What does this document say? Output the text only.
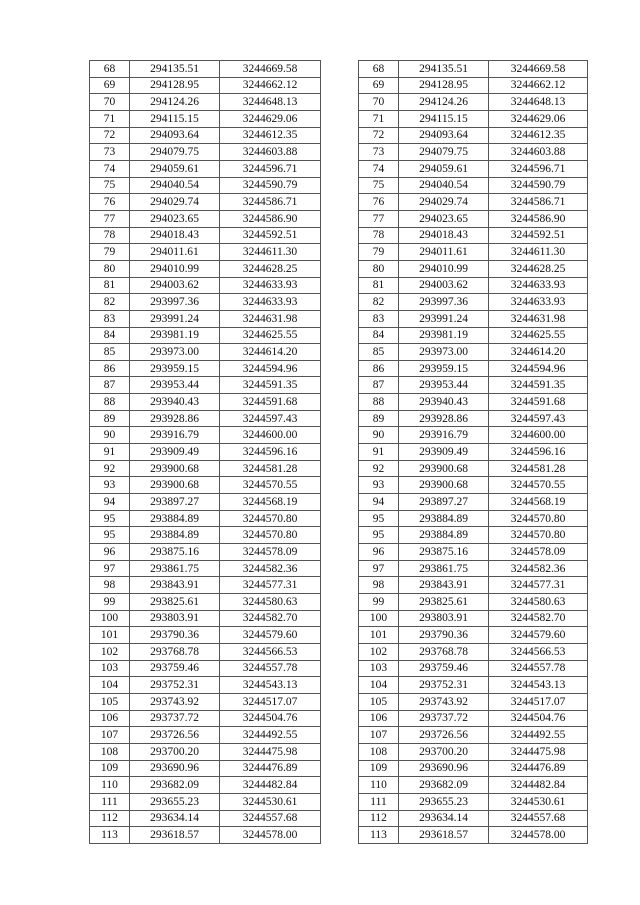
68	294135.51	3244669.58
69	294128.95	3244662.12
70	294124.26	3244648.13
71	294115.15	3244629.06
72	294093.64	3244612.35
73	294079.75	3244603.88
74	294059.61	3244596.71
75	294040.54	3244590.79
76	294029.74	3244586.71
77	294023.65	3244586.90
78	294018.43	3244592.51
79	294011.61	3244611.30
80	294010.99	3244628.25
81	294003.62	3244633.93
82	293997.36	3244633.93
83	293991.24	3244631.98
84	293981.19	3244625.55
85	293973.00	3244614.20
86	293959.15	3244594.96
87	293953.44	3244591.35
88	293940.43	3244591.68
89	293928.86	3244597.43
90	293916.79	3244600.00
91	293909.49	3244596.16
92	293900.68	3244581.28
93	293900.68	3244570.55
94	293897.27	3244568.19
95	293884.89	3244570.80
95	293884.89	3244570.80
96	293875.16	3244578.09
97	293861.75	3244582.36
98	293843.91	3244577.31
99	293825.61	3244580.63
100	293803.91	3244582.70
101	293790.36	3244579.60
102	293768.78	3244566.53
103	293759.46	3244557.78
104	293752.31	3244543.13
105	293743.92	3244517.07
106	293737.72	3244504.76
107	293726.56	3244492.55
108	293700.20	3244475.98
109	293690.96	3244476.89
110	293682.09	3244482.84
111	293655.23	3244530.61
112	293634.14	3244557.68
113	293618.57	3244578.00
68	294135.51	3244669.58
69	294128.95	3244662.12
70	294124.26	3244648.13
71	294115.15	3244629.06
72	294093.64	3244612.35
73	294079.75	3244603.88
74	294059.61	3244596.71
75	294040.54	3244590.79
76	294029.74	3244586.71
77	294023.65	3244586.90
78	294018.43	3244592.51
79	294011.61	3244611.30
80	294010.99	3244628.25
81	294003.62	3244633.93
82	293997.36	3244633.93
83	293991.24	3244631.98
84	293981.19	3244625.55
85	293973.00	3244614.20
86	293959.15	3244594.96
87	293953.44	3244591.35
88	293940.43	3244591.68
89	293928.86	3244597.43
90	293916.79	3244600.00
91	293909.49	3244596.16
92	293900.68	3244581.28
93	293900.68	3244570.55
94	293897.27	3244568.19
95	293884.89	3244570.80
95	293884.89	3244570.80
96	293875.16	3244578.09
97	293861.75	3244582.36
98	293843.91	3244577.31
99	293825.61	3244580.63
100	293803.91	3244582.70
101	293790.36	3244579.60
102	293768.78	3244566.53
103	293759.46	3244557.78
104	293752.31	3244543.13
105	293743.92	3244517.07
106	293737.72	3244504.76
107	293726.56	3244492.55
108	293700.20	3244475.98
109	293690.96	3244476.89
110	293682.09	3244482.84
111	293655.23	3244530.61
112	293634.14	3244557.68
113	293618.57	3244578.00
